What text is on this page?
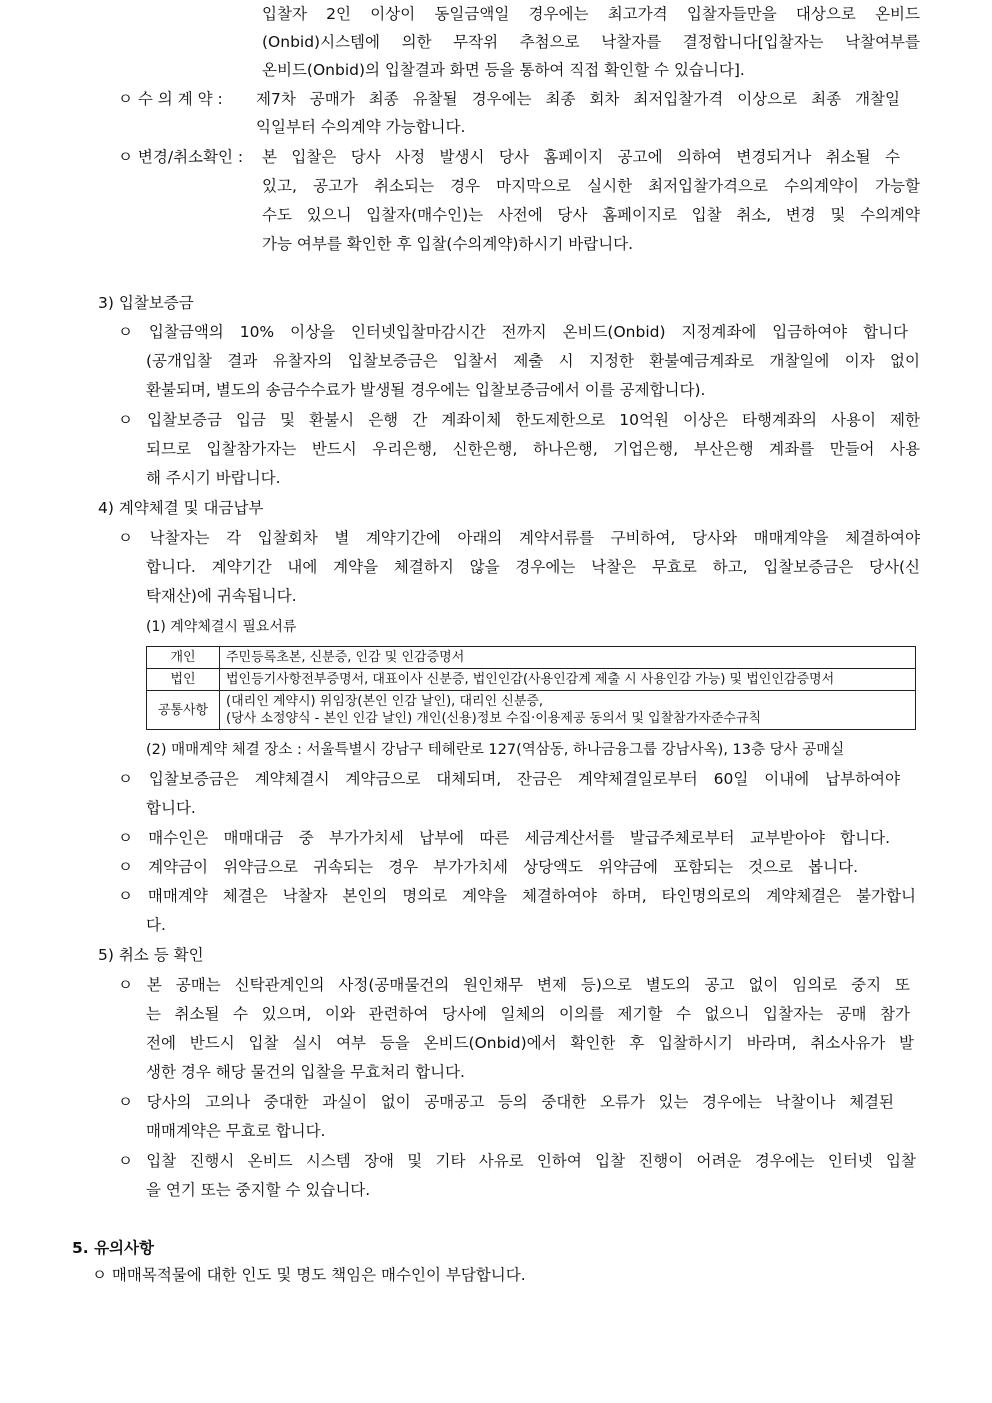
입찰자 2인 이상이 동일금액일 경우에는 최고가격 입찰자들만을 대상으로 온비드
(Onbid)시스템에 의한 무작위 추첨으로 낙찰자를 결정합니다[입찰자는 낙찰여부를
온비드(Onbid)의 입찰결과 화면 등을 통하여 직접 확인할 수 있습니다].
ㅇ 수 의 계 약 : 제7차 공매가 최종 유찰될 경우에는 최종 회차 최저입찰가격 이상으로 최종 개찰일
익일부터 수의계약 가능합니다.
ㅇ 변경/취소확인 : 본 입찰은 당사 사정 발생시 당사 홈페이지 공고에 의하여 변경되거나 취소될 수
있고, 공고가 취소되는 경우 마지막으로 실시한 최저입찰가격으로 수의계약이 가능할
수도 있으니 입찰자(매수인)는 사전에 당사 홈페이지로 입찰 취소, 변경 및 수의계약
가능 여부를 확인한 후 입찰(수의계약)하시기 바랍니다.
3) 입찰보증금
ㅇ 입찰금액의 10% 이상을 인터넷입찰마감시간 전까지 온비드(Onbid) 지정계좌에 입금하여야 합니다
(공개입찰 결과 유찰자의 입찰보증금은 입찰서 제출 시 지정한 환불예금계좌로 개찰일에 이자 없이
환불되며, 별도의 송금수수료가 발생될 경우에는 입찰보증금에서 이를 공제합니다).
ㅇ 입찰보증금 입금 및 환불시 은행 간 계좌이체 한도제한으로 10억원 이상은 타행계좌의 사용이 제한
되므로 입찰참가자는 반드시 우리은행, 신한은행, 하나은행, 기업은행, 부산은행 계좌를 만들어 사용
해 주시기 바랍니다.
4) 계약체결 및 대금납부
ㅇ 낙찰자는 각 입찰회차 별 계약기간에 아래의 계약서류를 구비하여, 당사와 매매계약을 체결하여야
합니다. 계약기간 내에 계약을 체결하지 않을 경우에는 낙찰은 무효로 하고, 입찰보증금은 당사(신
탁재산)에 귀속됩니다.
(1) 계약체결시 필요서류
개인	주민등록초본, 신분증, 인감 및 인감증명서
법인	법인등기사항전부증명서, 대표이사 신분증, 법인인감(사용인감계 제출 시 사용인감 가능) 및 법인인감증명서
공통사항	(대리인 계약시) 위임장(본인 인감 날인), 대리인 신분증,
(당사 소정양식 - 본인 인감 날인) 개인(신용)정보 수집·이용제공 동의서 및 입찰참가자준수규칙
(2) 매매계약 체결 장소 : 서울특별시 강남구 테헤란로 127(역삼동, 하나금융그룹 강남사옥), 13층 당사 공매실
ㅇ 입찰보증금은 계약체결시 계약금으로 대체되며, 잔금은 계약체결일로부터 60일 이내에 납부하여야
합니다.
ㅇ 매수인은 매매대금 중 부가가치세 납부에 따른 세금계산서를 발급주체로부터 교부받아야 합니다.
ㅇ 계약금이 위약금으로 귀속되는 경우 부가가치세 상당액도 위약금에 포함되는 것으로 봅니다.
ㅇ 매매계약 체결은 낙찰자 본인의 명의로 계약을 체결하여야 하며, 타인명의로의 계약체결은 불가합니
다.
5) 취소 등 확인
ㅇ 본 공매는 신탁관계인의 사정(공매물건의 원인채무 변제 등)으로 별도의 공고 없이 임의로 중지 또
는 취소될 수 있으며, 이와 관련하여 당사에 일체의 이의를 제기할 수 없으니 입찰자는 공매 참가
전에 반드시 입찰 실시 여부 등을 온비드(Onbid)에서 확인한 후 입찰하시기 바라며, 취소사유가 발
생한 경우 해당 물건의 입찰을 무효처리 합니다.
ㅇ 당사의 고의나 중대한 과실이 없이 공매공고 등의 중대한 오류가 있는 경우에는 낙찰이나 체결된
매매계약은 무효로 합니다.
ㅇ 입찰 진행시 온비드 시스템 장애 및 기타 사유로 인하여 입찰 진행이 어려운 경우에는 인터넷 입찰
을 연기 또는 중지할 수 있습니다.
5. 유의사항
ㅇ 매매목적물에 대한 인도 및 명도 책임은 매수인이 부담합니다.
